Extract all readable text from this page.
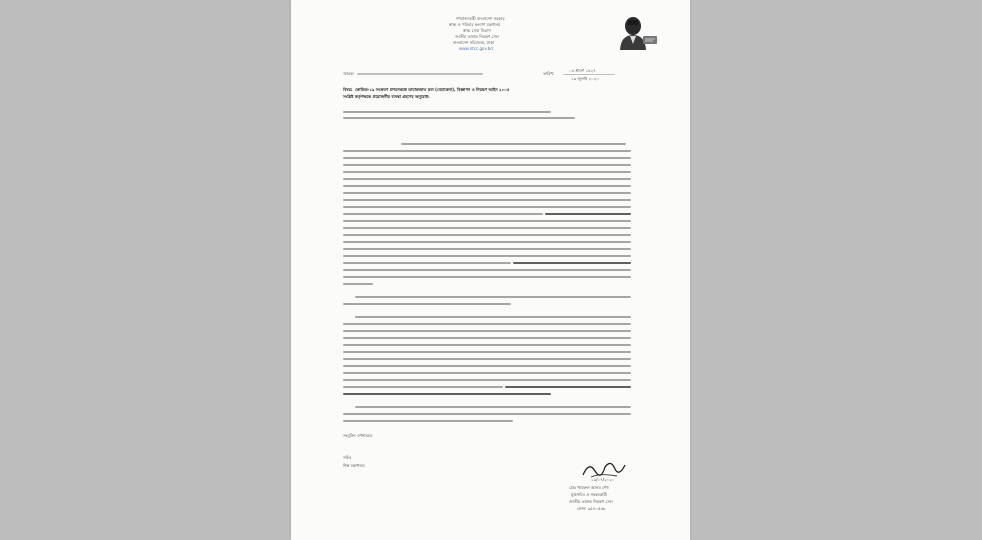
গণপ্রজাতন্ত্রী বাংলাদেশ সরকার
স্বাস্থ্য ও পরিবার কল্যাণ মন্ত্রণালয়
স্বাস্থ্য সেবা বিভাগ
জাতীয় তামাক নিয়ন্ত্রণ সেল
বাংলাদেশ সচিবালয়, ঢাকা
www.ntcc.gov.bd
স্মারক:	তারিখ:
০৪ শ্রাবণ ১৪২৭
১৯ জুলাই ২০২০
বিষয়: কোভিড-১৯ সংক্রমণ প্রশমনকল্পে তামাকজাত দ্রব্য (বেচাকেনা), বিজ্ঞাপন ও নিয়ন্ত্রণ আইন ২০০৫
সংশ্লিষ্ট কর্তৃপক্ষকে প্রয়োজনীয় ব্যবস্থা গ্রহণের অনুরোধ।
সংযুক্তি: বর্ণনামতে
সচিব
শিল্প মন্ত্রণালয়
১৯/০৭/২০২০
মোঃ খায়রুল আলম শেখ
যুগ্মসচিব ও সমন্বয়কারী
জাতীয় তামাক নিয়ন্ত্রণ সেল
ফোন: ৯৫৪০৫৩৮
